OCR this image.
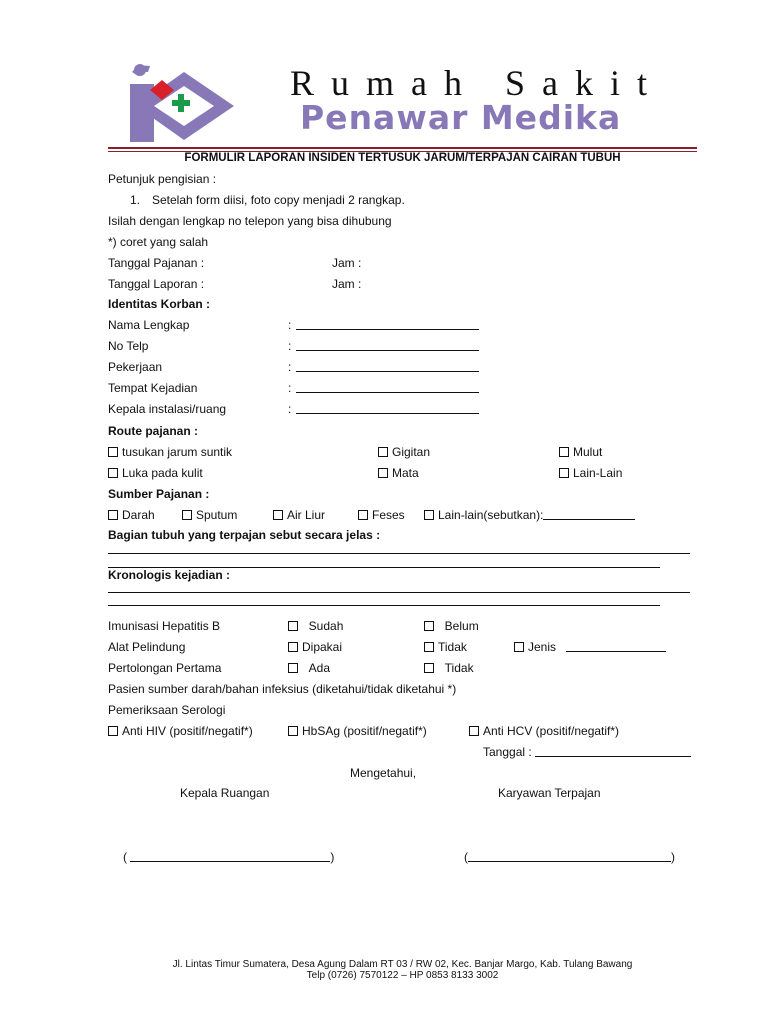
Rumah Sakit
Penawar Medika
FORMULIR LAPORAN INSIDEN TERTUSUK JARUM/TERPAJAN CAIRAN TUBUH
Petunjuk pengisian :
1. Setelah form diisi, foto copy menjadi 2 rangkap.
Isilah dengan lengkap no telepon yang bisa dihubung
*) coret yang salah
Tanggal Pajanan :	Jam :
Tanggal Laporan :	Jam :
Identitas Korban :
Nama Lengkap	:
No Telp	:
Pekerjaan	:
Tempat Kejadian	:
Kepala instalasi/ruang	:
Route pajanan :
tusukan jarum suntik	Gigitan	Mulut
Luka pada kulit	Mata	Lain-Lain
Sumber Pajanan :
Darah	Sputum	Air Liur	Feses	Lain-lain(sebutkan):
Bagian tubuh yang terpajan sebut secara jelas :
Kronologis kejadian :
Imunisasi Hepatitis B	Sudah	Belum
Alat Pelindung	Dipakai	Tidak	Jenis
Pertolongan Pertama	Ada	Tidak
Pasien sumber darah/bahan infeksius (diketahui/tidak diketahui *)
Pemeriksaan Serologi
Anti HIV (positif/negatif*)	HbSAg (positif/negatif*)	Anti HCV (positif/negatif*)
Tanggal :
Mengetahui,
Kepala Ruangan	Karyawan Terpajan
(	)	(	)
Jl. Lintas Timur Sumatera, Desa Agung Dalam RT 03 / RW 02, Kec. Banjar Margo, Kab. Tulang Bawang
Telp (0726) 7570122 – HP 0853 8133 3002
